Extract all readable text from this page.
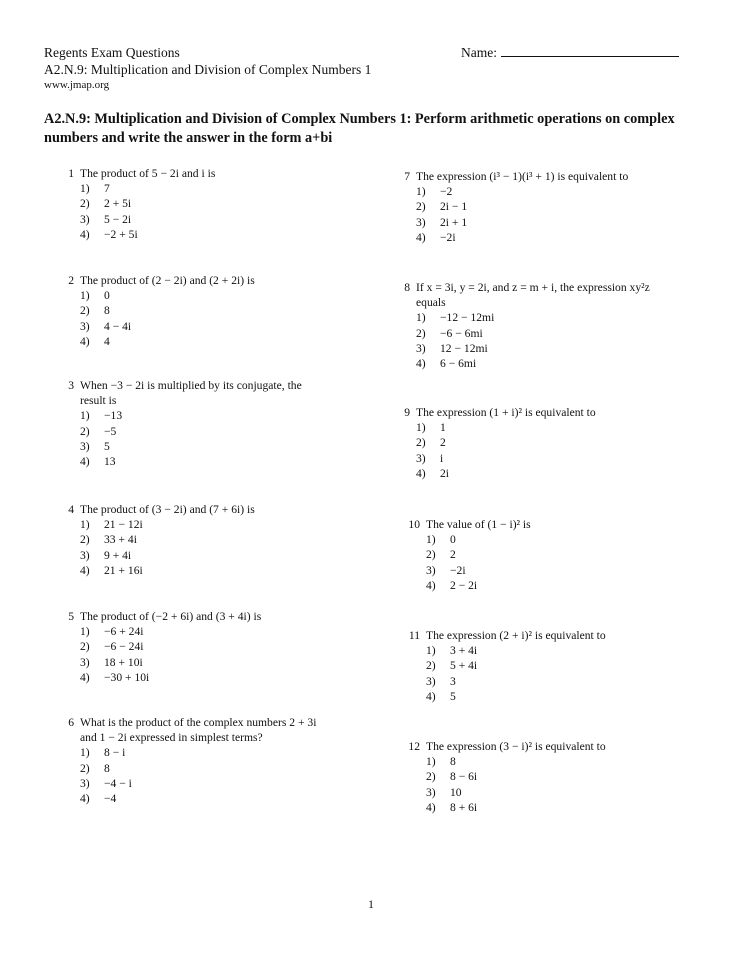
Regents Exam Questions
A2.N.9: Multiplication and Division of Complex Numbers 1
www.jmap.org
Name:
A2.N.9: Multiplication and Division of Complex Numbers 1: Perform arithmetic operations on complex numbers and write the answer in the form a+bi
1 The product of 5 − 2i and i is
1) 7
2) 2 + 5i
3) 5 − 2i
4) −2 + 5i
2 The product of (2 − 2i) and (2 + 2i) is
1) 0
2) 8
3) 4 − 4i
4) 4
3 When −3 − 2i is multiplied by its conjugate, the
result is
1) −13
2) −5
3) 5
4) 13
4 The product of (3 − 2i) and (7 + 6i) is
1) 21 − 12i
2) 33 + 4i
3) 9 + 4i
4) 21 + 16i
5 The product of (−2 + 6i) and (3 + 4i) is
1) −6 + 24i
2) −6 − 24i
3) 18 + 10i
4) −30 + 10i
6 What is the product of the complex numbers 2 + 3i
and 1 − 2i expressed in simplest terms?
1) 8 − i
2) 8
3) −4 − i
4) −4
7 The expression (i³ − 1)(i³ + 1) is equivalent to
1) −2
2) 2i − 1
3) 2i + 1
4) −2i
8 If x = 3i, y = 2i, and z = m + i, the expression xy²z
equals
1) −12 − 12mi
2) −6 − 6mi
3) 12 − 12mi
4) 6 − 6mi
9 The expression (1 + i)² is equivalent to
1) 1
2) 2
3) i
4) 2i
10 The value of (1 − i)² is
1) 0
2) 2
3) −2i
4) 2 − 2i
11 The expression (2 + i)² is equivalent to
1) 3 + 4i
2) 5 + 4i
3) 3
4) 5
12 The expression (3 − i)² is equivalent to
1) 8
2) 8 − 6i
3) 10
4) 8 + 6i
1
